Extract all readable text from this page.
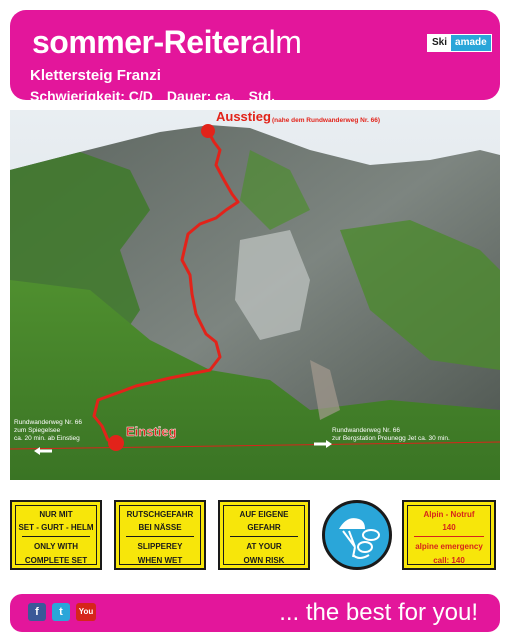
sommer-Reiteralm	Ski amade
Klettersteig Franzi
Schwierigkeit: C/D Dauer: ca. Std.
Ausstieg (nahe dem Rundwanderweg Nr. 66)
Einstieg
Rundwanderweg Nr. 66
zum Spiegelsee
ca. 20 min. ab Einstieg
Rundwanderweg Nr. 66
zur Bergstation Preunegg Jet ca. 30 min.
NUR MIT
SET - GURT - HELM
ONLY WITH
COMPLETE SET
RUTSCHGEFAHR
BEI NÄSSE
SLIPPEREY
WHEN WET
AUF EIGENE
GEFAHR
AT YOUR
OWN RISK
Alpin - Notruf
140
alpine emergency
call: 140
f	t	You	... the best for you!
